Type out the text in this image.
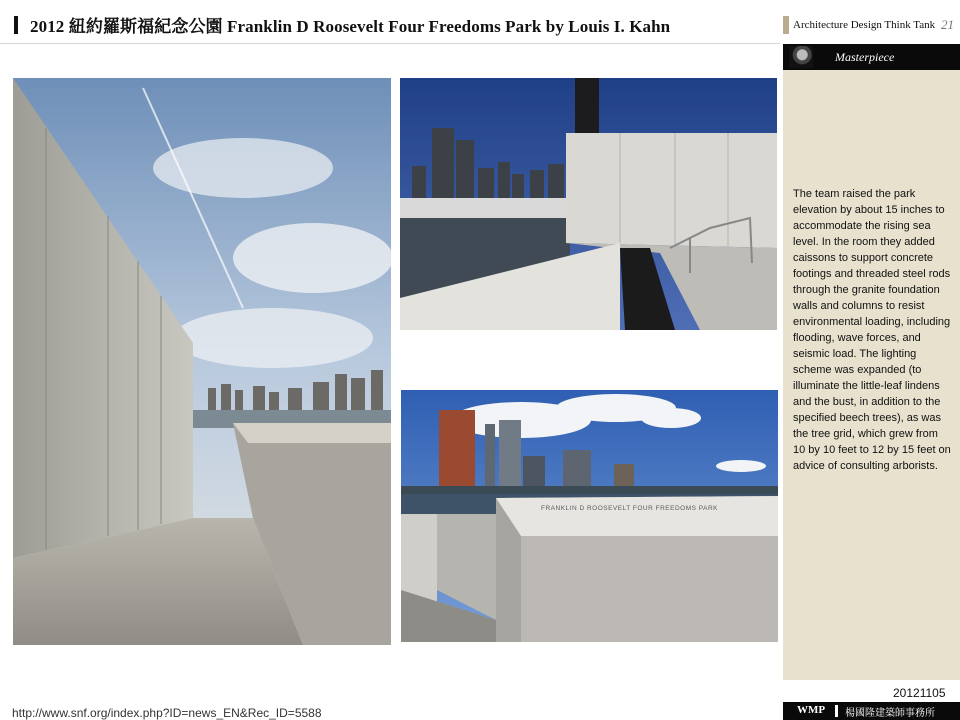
2012 紐約羅斯福紀念公園 Franklin D Roosevelt Four Freedoms Park by Louis I. Kahn	Architecture Design Think Tank 21
Masterpiece
The team raised the park elevation by about 15 inches to accommodate the rising sea level. In the room they added caissons to support concrete footings and threaded steel rods through the granite foundation walls and columns to resist environmental loading, including flooding, wave forces, and seismic load. The lighting scheme was expanded (to illuminate the little-leaf lindens and the bust, in addition to the specified beech trees), as was the tree grid, which grew from 10 by 10 feet to 12 by 15 feet on advice of consulting arborists.
FRANKLIN D ROOSEVELT FOUR FREEDOMS PARK
20121105
http://www.snf.org/index.php?ID=news_EN&Rec_ID=5588	WMP 楊國隆建築師事務所
